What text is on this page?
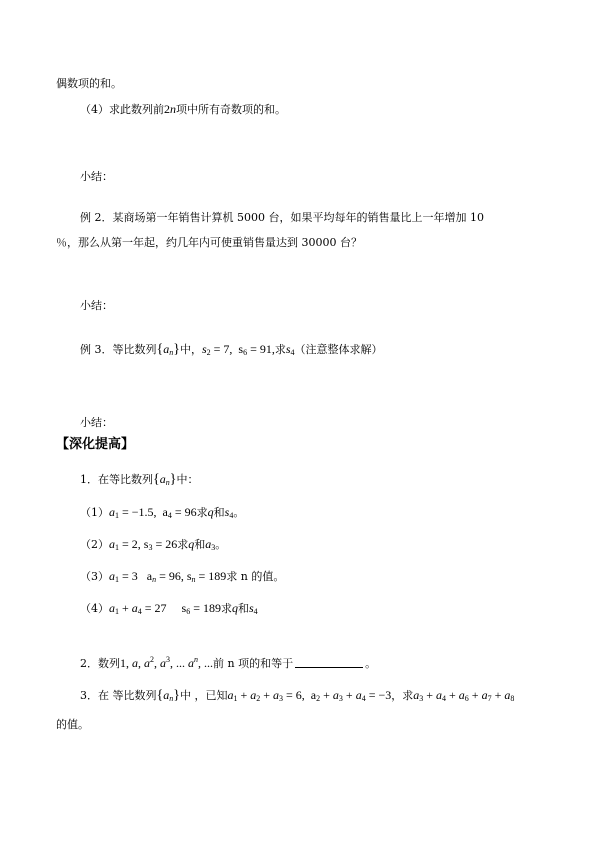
偶数项的和。
（4）求此数列前2n项中所有奇数项的和。
小结：
例 2．某商场第一年销售计算机 5000 台，如果平均每年的销售量比上一年增加 10
％，那么从第一年起，约几年内可使重销售量达到 30000 台？
小结：
例 3．等比数列$\{a_n\}$中，$s_2 = 7$,  $s_6 = 91$,求$s_4$（注意整体求解）
小结：
【深化提高】
1．在等比数列$\{a_n\}$中：
$(1)a_1 = -1.5$,  $a_4 = 96$求q和$s_4$。
$(2)a_1 = 2$, $s_3 = 26$求q和$a_3$。
$(3)a_1 = 3$   $a_n = 96$, $s_n = 189$求 n 的值。
$(4)a_1 + a_4 = 27$     $s_6 = 189$求q和$s_4$
2．数列1, a, $a^2$, $a^3$, ... $a^n$, ...前 n 项的和等于	。
3．在 等比数列$\{a_n\}$中 ，已知$a_1 + a_2 + a_3 = 6$,  $a_2 + a_3 + a_4 = -3$，求$a_3 + a_4 + a_6 + a_7 + a_8$
的值。
